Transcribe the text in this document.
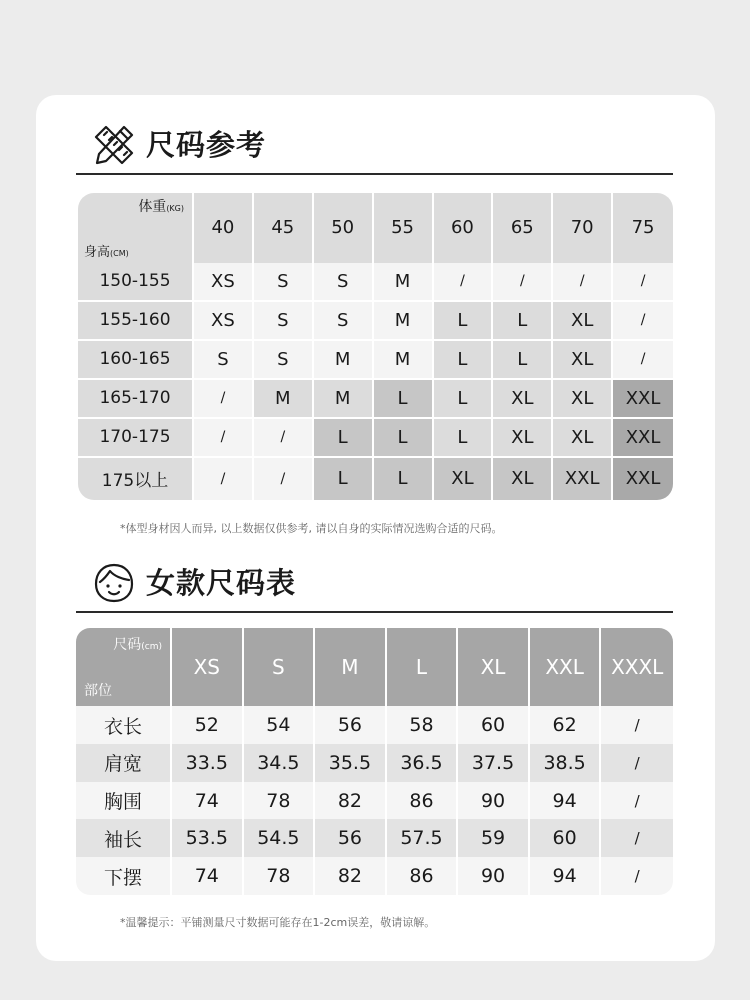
尺码参考
体重(KG)
身高(CM)	40	45	50	55	60	65	70	75
150-155	XS	S	S	M	/	/	/	/
155-160	XS	S	S	M	L	L	XL	/
160-165	S	S	M	M	L	L	XL	/
165-170	/	M	M	L	L	XL	XL	XXL
170-175	/	/	L	L	L	XL	XL	XXL
175以上	/	/	L	L	XL	XL	XXL	XXL
*体型身材因人而异, 以上数据仅供参考, 请以自身的实际情况选购合适的尺码。
女款尺码表
尺码(cm)
部位	XS	S	M	L	XL	XXL	XXXL
衣长	52	54	56	58	60	62	/
肩宽	33.5	34.5	35.5	36.5	37.5	38.5	/
胸围	74	78	82	86	90	94	/
袖长	53.5	54.5	56	57.5	59	60	/
下摆	74	78	82	86	90	94	/
*温馨提示：平铺测量尺寸数据可能存在1-2cm误差，敬请谅解。
